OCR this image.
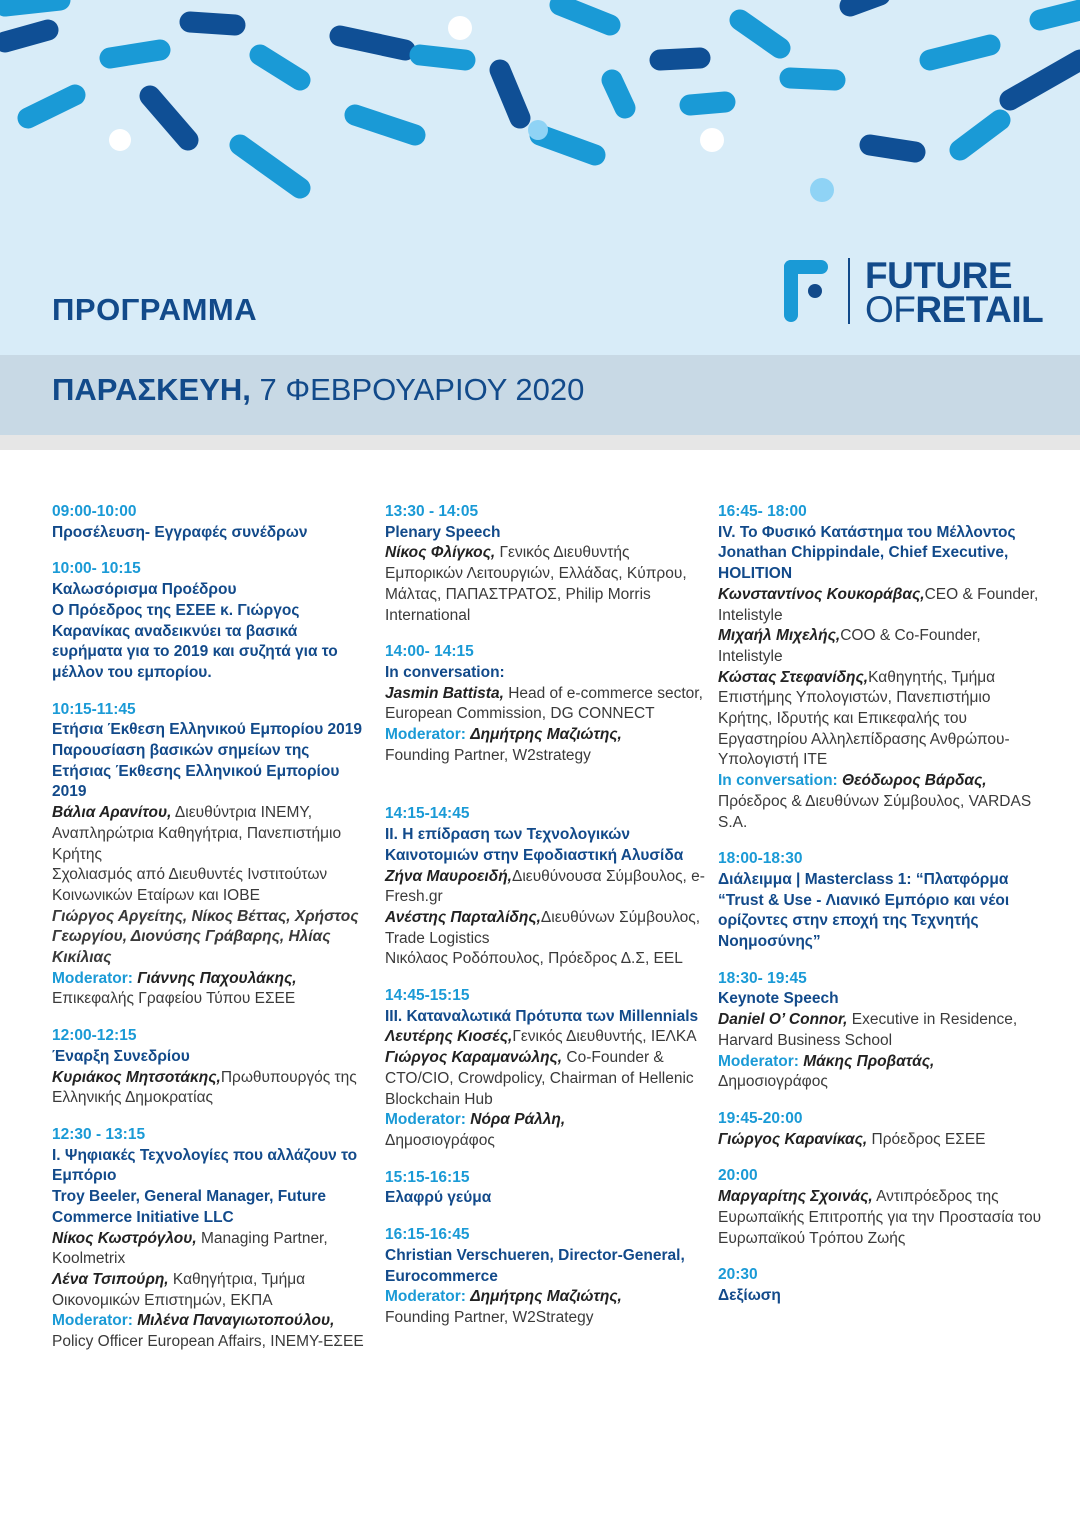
ΠΡΟΓΡΑΜΜΑ
FUTURE
OFRETAIL

ΠΑΡΑΣΚΕΥΗ, 7 ΦΕΒΡΟΥΑΡΙΟΥ 2020

09:00-10:00

Προσέλευση- Εγγραφές συνέδρων

10:00- 10:15

Καλωσόρισμα Προέδρου

Ο Πρόεδρος της ΕΣΕΕ κ. Γιώργος Καρανίκας αναδεικνύει τα βασικά ευρήματα για το 2019 και συζητά για το μέλλον του εμπορίου.

10:15-11:45

Ετήσια Έκθεση Ελληνικού Εμπορίου 2019

Παρουσίαση βασικών σημείων της Ετήσιας Έκθεσης Ελληνικού Εμπορίου 2019

Βάλια Αρανίτου, Διευθύντρια ΙΝΕΜΥ, Αναπληρώτρια Καθηγήτρια, Πανεπιστήμιο Κρήτης

Σχολιασμός από Διευθυντές Ινστιτούτων Κοινωνικών Εταίρων και ΙΟΒΕ

Γιώργος Αργείτης, Νίκος Βέττας, Χρήστος Γεωργίου, Διονύσης Γράβαρης, Ηλίας Κικίλιας

Moderator: Γιάννης Παχουλάκης,

Επικεφαλής Γραφείου Τύπου ΕΣΕΕ

12:00-12:15

Έναρξη Συνεδρίου

Κυριάκος Μητσοτάκης,Πρωθυπουργός της Ελληνικής Δημοκρατίας

12:30 - 13:15

I. Ψηφιακές Τεχνολογίες που αλλάζουν το Εμπόριο

Troy Beeler, General Manager, Future Commerce Initiative LLC

Νίκος Κωστρόγλου, Managing Partner, Koolmetrix

Λένα Τσιπούρη, Καθηγήτρια, Τμήμα Οικονομικών Επιστημών, ΕΚΠΑ

Moderator: Μιλένα Παναγιωτοπούλου, Policy Officer European Affairs, ΙΝΕΜΥ-ΕΣΕΕ

13:30 - 14:05

Plenary Speech

Νίκος Φλίγκος, Γενικός Διευθυντής Εμπορικών Λειτουργιών, Ελλάδας, Κύπρου, Μάλτας, ΠΑΠΑΣΤΡΑΤΟΣ, Philip Morris International

14:00- 14:15

In conversation:

Jasmin Battista, Head of e-commerce sector, European Commission, DG CONNECT

Moderator: Δημήτρης Μαζιώτης,

Founding Partner, W2strategy

14:15-14:45

II. Η επίδραση των Τεχνολογικών Καινοτομιών στην Εφοδιαστική Αλυσίδα

Ζήνα Μαυροειδή,Διευθύνουσα Σύμβουλος, e-Fresh.gr

Ανέστης Παρταλίδης,Διευθύνων Σύμβουλος, Trade Logistics

Νικόλαος Ροδόπουλος, Πρόεδρος Δ.Σ, EEL

14:45-15:15

III. Καταναλωτικά Πρότυπα των Millennials

Λευτέρης Κιοσές,Γενικός Διευθυντής, ΙΕΛΚΑ

Γιώργος Καραμανώλης, Co-Founder & CTO/CIO, Crowdpolicy, Chairman of Hellenic Blockchain Hub

Moderator: Νόρα Ράλλη,

Δημοσιογράφος

15:15-16:15

Ελαφρύ γεύμα

16:15-16:45

Christian Verschueren, Director-General, Eurocommerce

Moderator: Δημήτρης Μαζιώτης,

Founding Partner, W2Strategy

16:45- 18:00

IV. Το Φυσικό Κατάστημα του Μέλλοντος

Jonathan Chippindale, Chief Executive, HOLITION

Κωνσταντίνος Κουκοράβας,CEO & Founder, Intelistyle

Μιχαήλ Μιχελής,COO & Co-Founder, Intelistyle

Κώστας Στεφανίδης,Καθηγητής, Τμήμα Επιστήμης Υπολογιστών, Πανεπιστήμιο Κρήτης, Ιδρυτής και Επικεφαλής του Εργαστηρίου Αλληλεπίδρασης Ανθρώπου-Υπολογιστή ΙΤΕ

In conversation: Θεόδωρος Βάρδας,

Πρόεδρος & Διευθύνων Σύμβουλος, VARDAS S.A.

18:00-18:30

Διάλειμμα | Masterclass 1: “Πλατφόρμα “Trust & Use - Λιανικό Εμπόριο και νέοι ορίζοντες στην εποχή της Τεχνητής Νοημοσύνης”

18:30- 19:45

Keynote Speech

Daniel O’ Connor, Executive in Residence, Harvard Business School

Moderator: Μάκης Προβατάς,

Δημοσιογράφος

19:45-20:00

Γιώργος Καρανίκας, Πρόεδρος ΕΣΕΕ

20:00

Μαργαρίτης Σχοινάς, Αντιπρόεδρος της Ευρωπαϊκής Επιτροπής για την Προστασία του Ευρωπαϊκού Τρόπου Ζωής

20:30

Δεξίωση
